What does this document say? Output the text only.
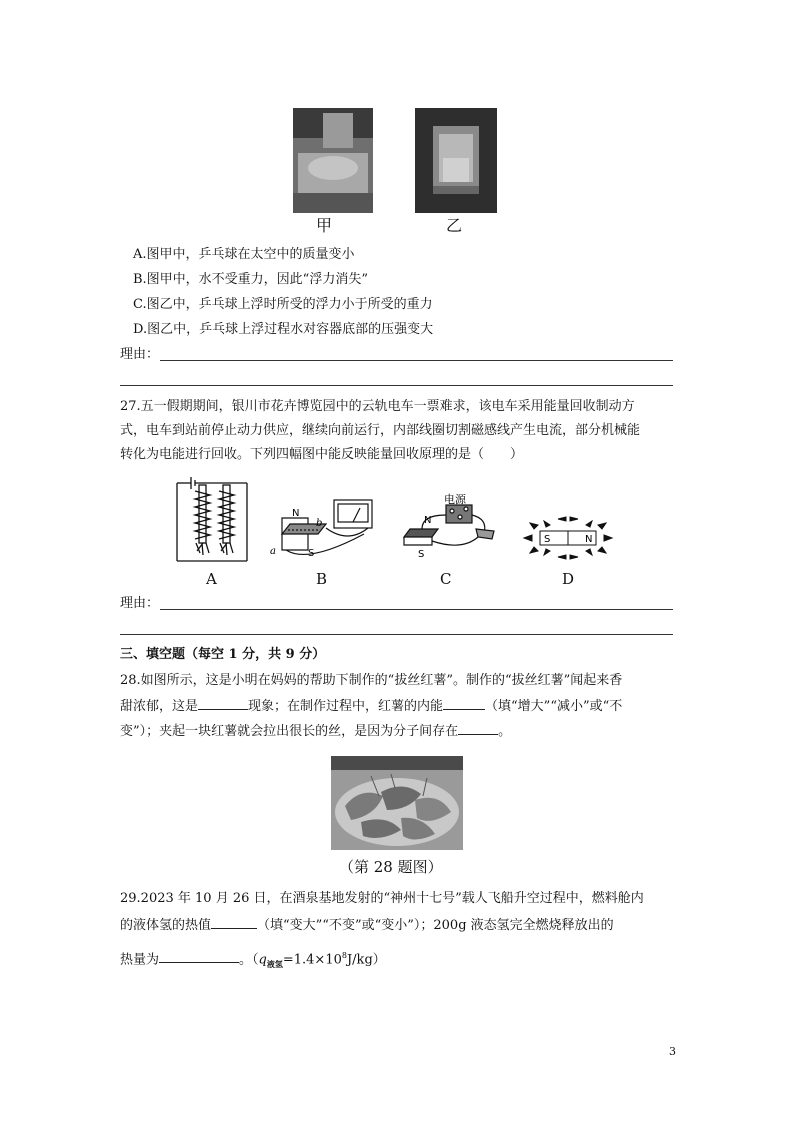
甲	乙
A.图甲中，乒乓球在太空中的质量变小
B.图甲中，水不受重力，因此“浮力消失”
C.图乙中，乒乓球上浮时所受的浮力小于所受的重力
D.图乙中，乒乓球上浮过程水对容器底部的压强变大
理由：
27.五一假期期间，银川市花卉博览园中的云轨电车一票难求，该电车采用能量回收制动方
式，电车到站前停止动力供应，继续向前运行，内部线圈切割磁感线产生电流，部分机械能
转化为电能进行回收。下列四幅图中能反映能量回收原理的是（　　）
A
N
S
a
b
B
电源
N
S
C
S	N
D
理由：
三、填空题（每空 1 分，共 9 分）
28.如图所示，这是小明在妈妈的帮助下制作的“拔丝红薯”。制作的“拔丝红薯”闻起来香
甜浓郁，这是	现象；在制作过程中，红薯的内能	（填“增大”“减小”或“不
变”）；夹起一块红薯就会拉出很长的丝，是因为分子间存在	。
（第 28 题图）
29.2023 年 10 月 26 日，在酒泉基地发射的“神州十七号”载人飞船升空过程中，燃料舱内
的液体氢的热值	（填“变大”“不变”或“变小”）；200g 液态氢完全燃烧释放出的
热量为	。$(q_{液氢}=1.4\times 10^8J/kg)$
3
